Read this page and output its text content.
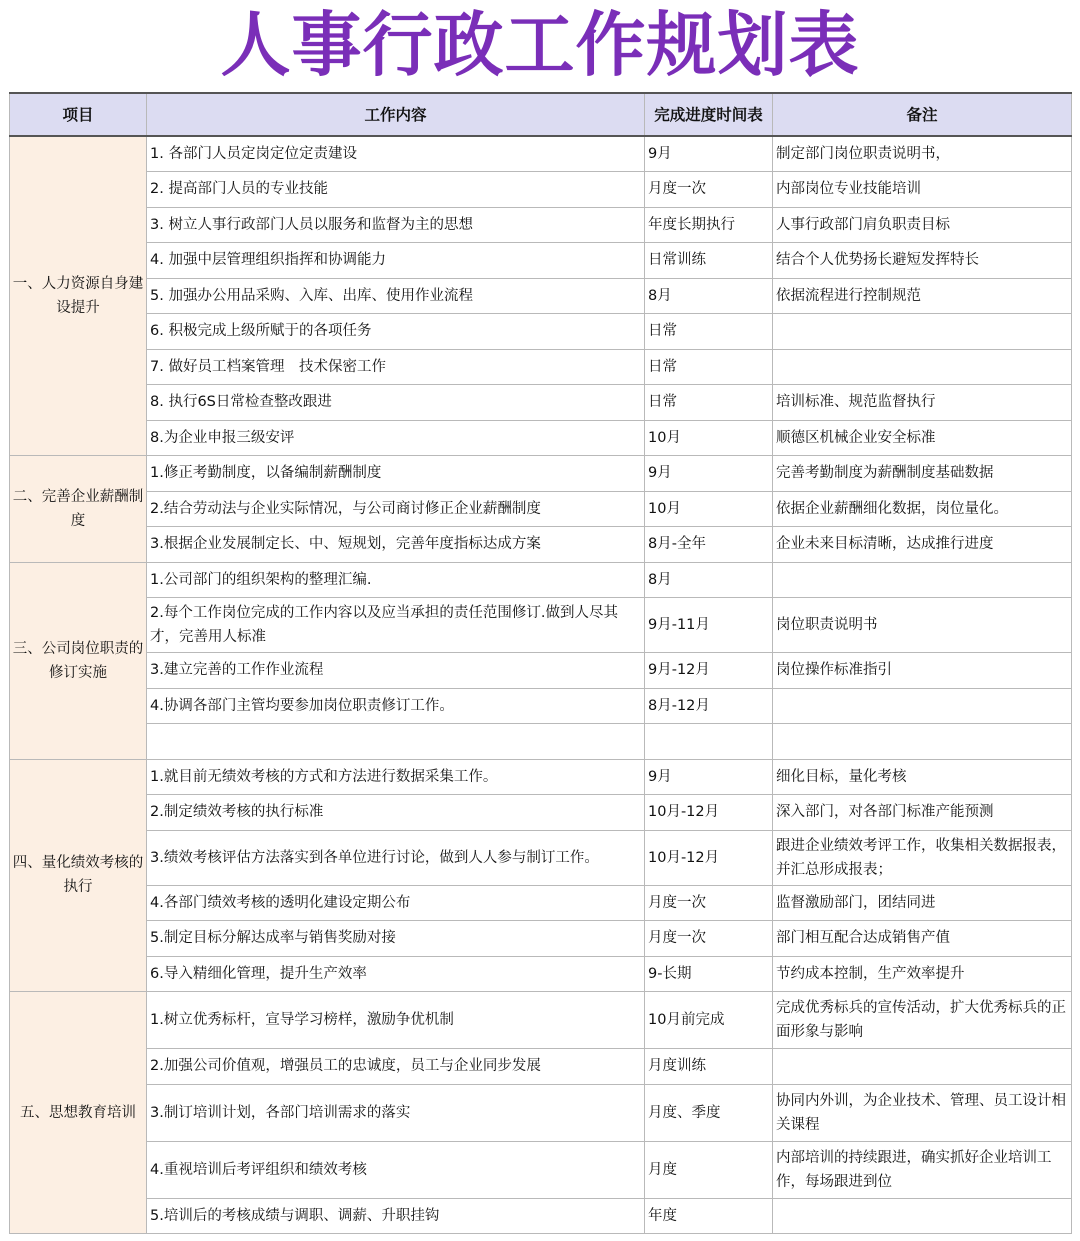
人事行政工作规划表
项目	工作内容	完成进度时间表	备注
一、人力资源自身建设提升	1. 各部门人员定岗定位定责建设	9月	制定部门岗位职责说明书，
	2. 提高部门人员的专业技能	月度一次	内部岗位专业技能培训
	3. 树立人事行政部门人员以服务和监督为主的思想	年度长期执行	人事行政部门肩负职责目标
	4. 加强中层管理组织指挥和协调能力	日常训练	结合个人优势扬长避短发挥特长
	5. 加强办公用品采购、入库、出库、使用作业流程	8月	依据流程进行控制规范
	6. 积极完成上级所赋于的各项任务	日常	
	7. 做好员工档案管理　技术保密工作	日常	
	8. 执行6S日常检查整改跟进	日常	培训标准、规范监督执行
	8.为企业申报三级安评	10月	顺德区机械企业安全标准
二、完善企业薪酬制度	1.修正考勤制度，以备编制薪酬制度	9月	完善考勤制度为薪酬制度基础数据
	2.结合劳动法与企业实际情况，与公司商讨修正企业薪酬制度	10月	依据企业薪酬细化数据，岗位量化。
	3.根据企业发展制定长、中、短规划，完善年度指标达成方案	8月-全年	企业未来目标清晰，达成推行进度
三、公司岗位职责的修订实施	1.公司部门的组织架构的整理汇编.	8月	
	2.每个工作岗位完成的工作内容以及应当承担的责任范围修订.做到人尽其才，完善用人标准	9月-11月	岗位职责说明书
	3.建立完善的工作作业流程	9月-12月	岗位操作标准指引
	4.协调各部门主管均要参加岗位职责修订工作。	8月-12月	

四、量化绩效考核的执行	1.就目前无绩效考核的方式和方法进行数据采集工作。	9月	细化目标，量化考核
	2.制定绩效考核的执行标准	10月-12月	深入部门，对各部门标准产能预测
	3.绩效考核评估方法落实到各单位进行讨论，做到人人参与制订工作。	10月-12月	跟进企业绩效考评工作，收集相关数据报表，并汇总形成报表；
	4.各部门绩效考核的透明化建设定期公布	月度一次	监督激励部门，团结同进
	5.制定目标分解达成率与销售奖励对接	月度一次	部门相互配合达成销售产值
	6.导入精细化管理，提升生产效率	9-长期	节约成本控制，生产效率提升
五、思想教育培训	1.树立优秀标杆，宣导学习榜样，激励争优机制	10月前完成	完成优秀标兵的宣传活动，扩大优秀标兵的正面形象与影响
	2.加强公司价值观，增强员工的忠诚度，员工与企业同步发展	月度训练	
	3.制订培训计划，各部门培训需求的落实	月度、季度	协同内外训，为企业技术、管理、员工设计相关课程
	4.重视培训后考评组织和绩效考核	月度	内部培训的持续跟进，确实抓好企业培训工作，每场跟进到位
	5.培训后的考核成绩与调职、调薪、升职挂钩	年度	
